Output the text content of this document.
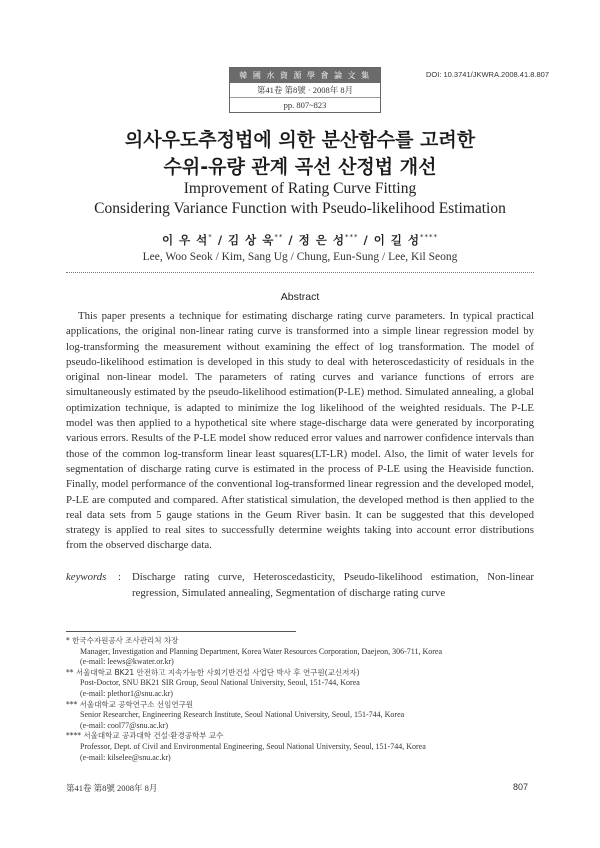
韓 國 水 資 源 學 會 論 文 集
第41卷 第8號 · 2008年 8月
pp. 807~823
DOI: 10.3741/JKWRA.2008.41.8.807
의사우도추정법에 의한 분산함수를 고려한
수위-유량 관계 곡선 산정법 개선
Improvement of Rating Curve Fitting
Considering Variance Function with Pseudo-likelihood Estimation
이 우 석* / 김 상 욱** / 정 은 성*** / 이 길 성****
Lee, Woo Seok / Kim, Sang Ug / Chung, Eun-Sung / Lee, Kil Seong
Abstract
This paper presents a technique for estimating discharge rating curve parameters. In typical practical applications, the original non-linear rating curve is transformed into a simple linear regression model by log-transforming the measurement without examining the effect of log transformation. The model of pseudo-likelihood estimation is developed in this study to deal with heteroscedasticity of residuals in the original non-linear model. The parameters of rating curves and variance functions of errors are simultaneously estimated by the pseudo-likelihood estimation(P-LE) method. Simulated annealing, a global optimization technique, is adapted to minimize the log likelihood of the weighted residuals. The P-LE model was then applied to a hypothetical site where stage-discharge data were generated by incorporating various errors. Results of the P-LE model show reduced error values and narrower confidence intervals than those of the common log-transform linear least squares(LT-LR) model. Also, the limit of water levels for segmentation of discharge rating curve is estimated in the process of P-LE using the Heaviside function. Finally, model performance of the conventional log-transformed linear regression and the developed model, P-LE are computed and compared. After statistical simulation, the developed method is then applied to the real data sets from 5 gauge stations in the Geum River basin. It can be suggested that this developed strategy is applied to real sites to successfully determine weights taking into account error distributions from the observed discharge data.
keywords : Discharge rating curve, Heteroscedasticity, Pseudo-likelihood estimation, Non-linear regression, Simulated annealing, Segmentation of discharge rating curve
* 한국수자원공사 조사관리처 차장
Manager, Investigation and Planning Department, Korea Water Resources Corporation, Daejeon, 306-711, Korea
(e-mail: leews@kwater.or.kr)
** 서울대학교 BK21 안전하고 지속가능한 사회기반건설 사업단 박사 후 연구원(교신저자)
Post-Doctor, SNU BK21 SIR Group, Seoul National University, Seoul, 151-744, Korea
(e-mail: plethor1@snu.ac.kr)
*** 서울대학교 공학연구소 선임연구원
Senior Researcher, Engineering Research Institute, Seoul National University, Seoul, 151-744, Korea
(e-mail: cool77@snu.ac.kr)
**** 서울대학교 공과대학 건설·환경공학부 교수
Professor, Dept. of Civil and Environmental Engineering, Seoul National University, Seoul, 151-744, Korea
(e-mail: kilselee@snu.ac.kr)
第41卷 第8號 2008年 8月	807
